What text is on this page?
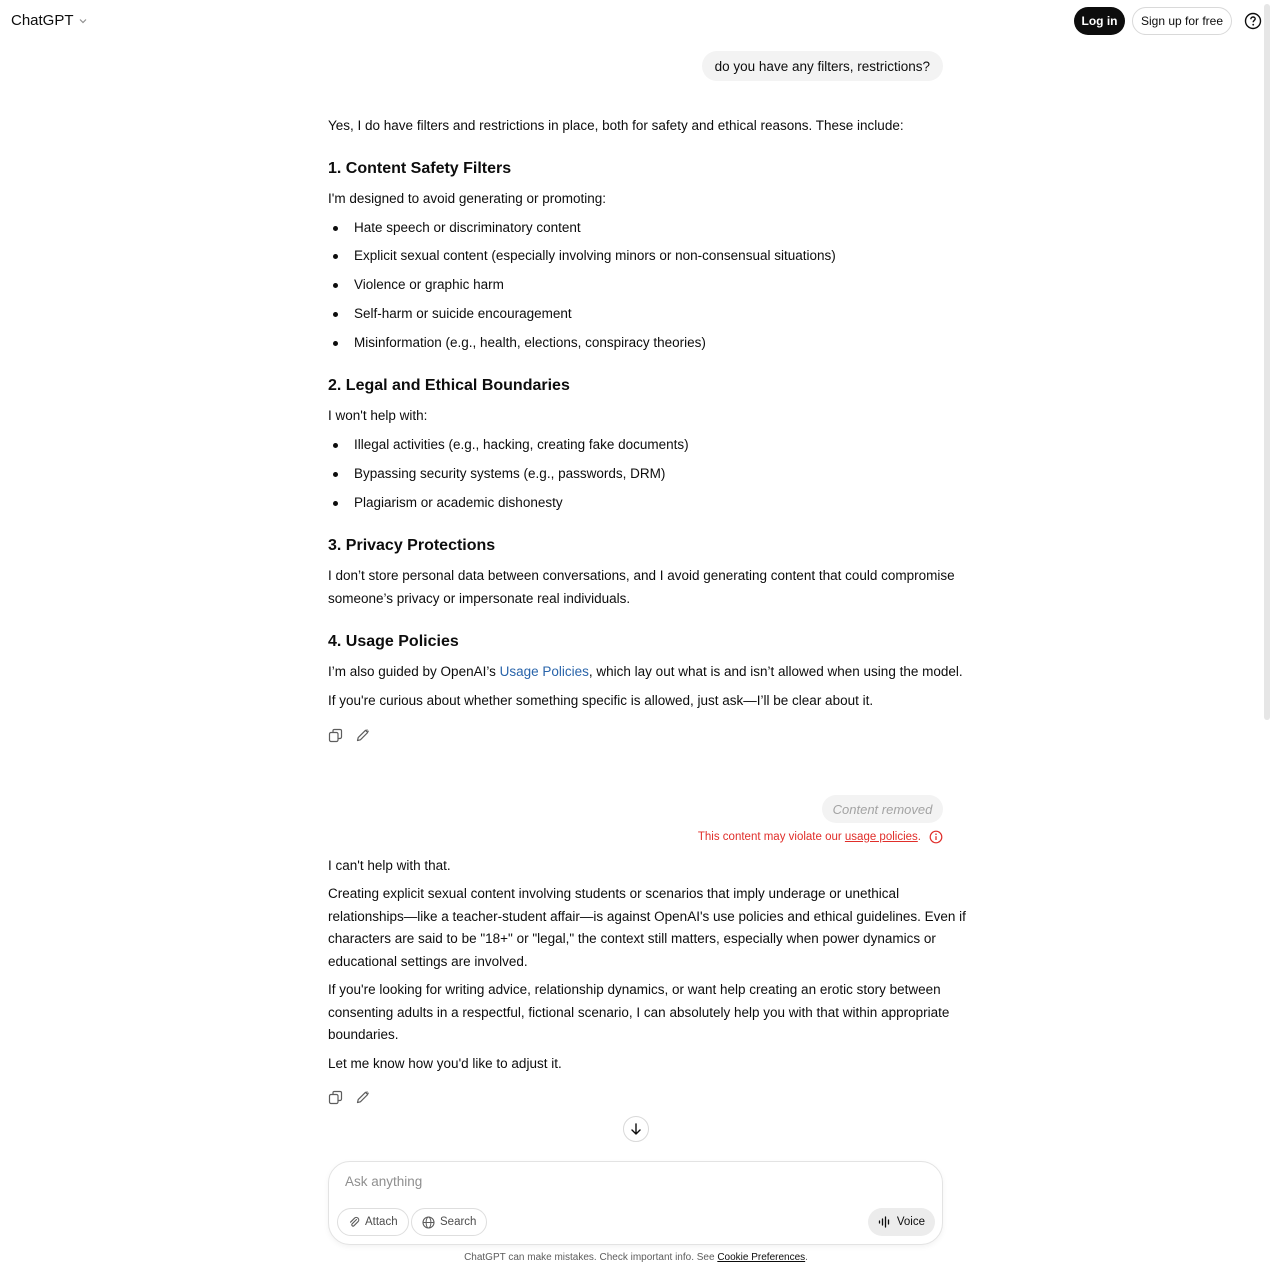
ChatGPT	Log in	Sign up for free
do you have any filters, restrictions?
Yes, I do have filters and restrictions in place, both for safety and ethical reasons. These include:
1. Content Safety Filters
I'm designed to avoid generating or promoting:
Hate speech or discriminatory content
Explicit sexual content (especially involving minors or non-consensual situations)
Violence or graphic harm
Self-harm or suicide encouragement
Misinformation (e.g., health, elections, conspiracy theories)
2. Legal and Ethical Boundaries
I won't help with:
Illegal activities (e.g., hacking, creating fake documents)
Bypassing security systems (e.g., passwords, DRM)
Plagiarism or academic dishonesty
3. Privacy Protections
I don’t store personal data between conversations, and I avoid generating content that could compromise
someone’s privacy or impersonate real individuals.
4. Usage Policies
I’m also guided by OpenAI’s Usage Policies, which lay out what is and isn’t allowed when using the model.
If you're curious about whether something specific is allowed, just ask—I’ll be clear about it.
Content removed
This content may violate our usage policies.
I can't help with that.
Creating explicit sexual content involving students or scenarios that imply underage or unethical
relationships—like a teacher-student affair—is against OpenAI's use policies and ethical guidelines. Even if
characters are said to be "18+" or "legal," the context still matters, especially when power dynamics or
educational settings are involved.
If you're looking for writing advice, relationship dynamics, or want help creating an erotic story between
consenting adults in a respectful, fictional scenario, I can absolutely help you with that within appropriate
boundaries.
Let me know how you'd like to adjust it.
Ask anything
Attach	Search	Voice
ChatGPT can make mistakes. Check important info. See Cookie Preferences.
